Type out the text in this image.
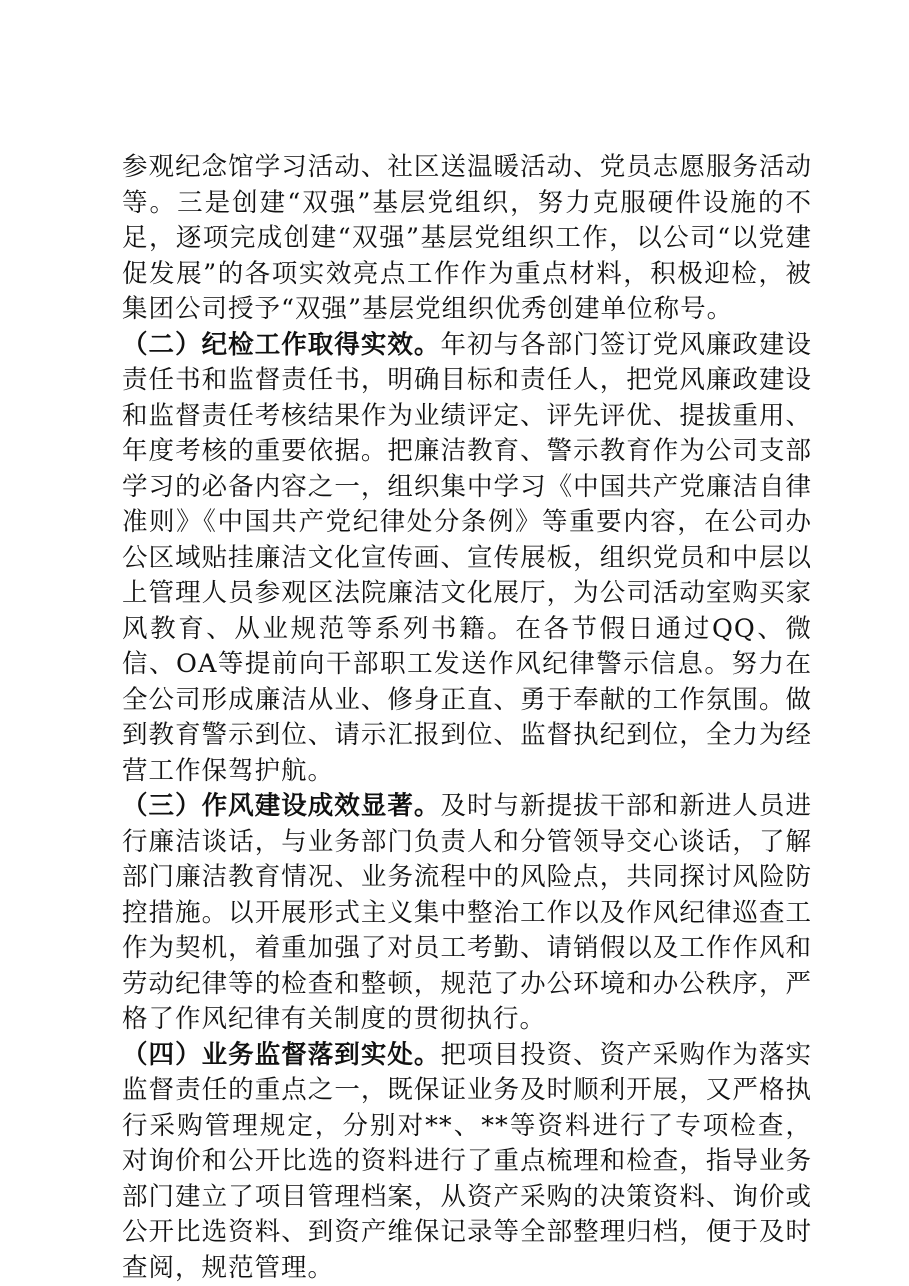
参观纪念馆学习活动、社区送温暖活动、党员志愿服务活动等。三是创建“双强”基层党组织，努力克服硬件设施的不足，逐项完成创建“双强”基层党组织工作，以公司“以党建促发展”的各项实效亮点工作作为重点材料，积极迎检，被集团公司授予“双强”基层党组织优秀创建单位称号。

（二）纪检工作取得实效。年初与各部门签订党风廉政建设责任书和监督责任书，明确目标和责任人，把党风廉政建设和监督责任考核结果作为业绩评定、评先评优、提拔重用、年度考核的重要依据。把廉洁教育、警示教育作为公司支部学习的必备内容之一，组织集中学习《中国共产党廉洁自律准则》《中国共产党纪律处分条例》等重要内容，在公司办公区域贴挂廉洁文化宣传画、宣传展板，组织党员和中层以上管理人员参观区法院廉洁文化展厅，为公司活动室购买家风教育、从业规范等系列书籍。在各节假日通过QQ、微信、OA等提前向干部职工发送作风纪律警示信息。努力在全公司形成廉洁从业、修身正直、勇于奉献的工作氛围。做到教育警示到位、请示汇报到位、监督执纪到位，全力为经营工作保驾护航。

（三）作风建设成效显著。及时与新提拔干部和新进人员进行廉洁谈话，与业务部门负责人和分管领导交心谈话，了解部门廉洁教育情况、业务流程中的风险点，共同探讨风险防控措施。以开展形式主义集中整治工作以及作风纪律巡查工作为契机，着重加强了对员工考勤、请销假以及工作作风和劳动纪律等的检查和整顿，规范了办公环境和办公秩序，严格了作风纪律有关制度的贯彻执行。

（四）业务监督落到实处。把项目投资、资产采购作为落实监督责任的重点之一，既保证业务及时顺利开展，又严格执行采购管理规定，分别对**、**等资料进行了专项检查，对询价和公开比选的资料进行了重点梳理和检查，指导业务部门建立了项目管理档案，从资产采购的决策资料、询价或公开比选资料、到资产维保记录等全部整理归档，便于及时查阅，规范管理。
